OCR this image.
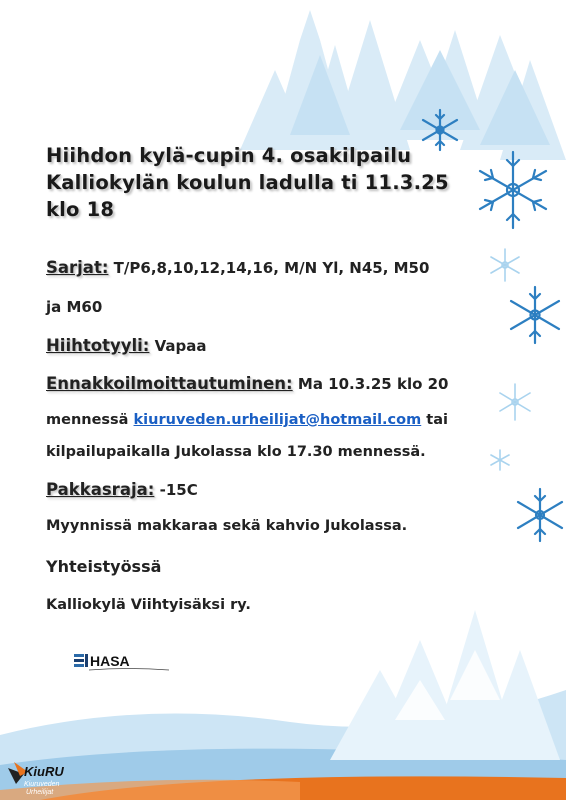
Hiihdon kylä-cupin 4. osakilpailu
Kalliokylän koulun ladulla ti 11.3.25
klo 18
Sarjat: T/P6,8,10,12,14,16, M/N Yl, N45, M50
ja M60
Hiihtotyyli: Vapaa
Ennakkoilmoittautuminen: Ma 10.3.25 klo 20
mennessä kiuruveden.urheilijat@hotmail.com tai
kilpailupaikalla Jukolassa klo 17.30 mennessä.
Pakkasraja: -15C
Myynnissä makkaraa sekä kahvio Jukolassa.
Yhteistyössä
Kalliokylä Viihtyisäksi ry.
HASA
KiuRU
Kiuruveden
Urheilijat
